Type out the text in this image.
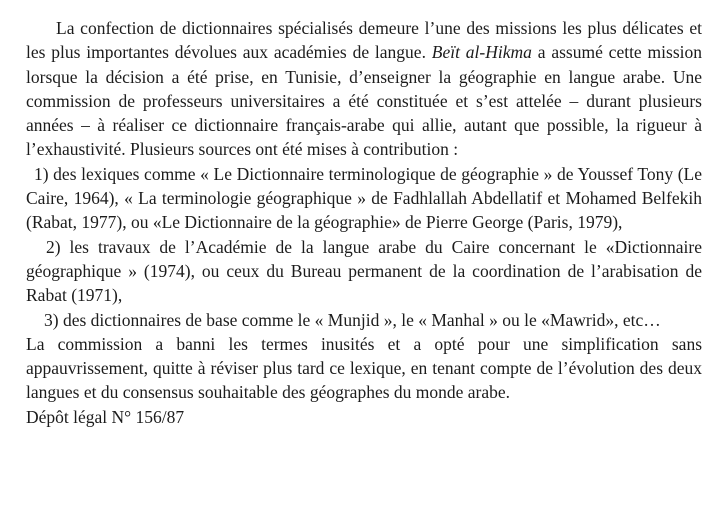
La confection de dictionnaires spécialisés demeure l’une des missions les plus délicates et les plus importantes dévolues aux académies de langue. Beït al-Hikma a assumé cette mission lorsque la décision a été prise, en Tunisie, d’enseigner la géographie en langue arabe. Une commission de professeurs universitaires a été constituée et s’est attelée – durant plusieurs années – à réaliser ce dictionnaire français-arabe qui allie, autant que possible, la rigueur à l’exhaustivité. Plusieurs sources ont été mises à contribution :

1) des lexiques comme « Le Dictionnaire terminologique de géographie » de Youssef Tony (Le Caire, 1964), « La terminologie géographique » de Fadhlallah Abdellatif et Mohamed Belfekih (Rabat, 1977), ou «Le Dictionnaire de la géographie» de Pierre George (Paris, 1979),

2) les travaux de l’Académie de la langue arabe du Caire concernant le «Dictionnaire géographique » (1974), ou ceux du Bureau permanent de la coordination de l’arabisation de Rabat (1971),

3) des dictionnaires de base comme le « Munjid », le « Manhal » ou le «Mawrid», etc…

La commission a banni les termes inusités et a opté pour une simplification sans appauvrissement, quitte à réviser plus tard ce lexique, en tenant compte de l’évolution des deux langues et du consensus souhaitable des géographes du monde arabe.

Dépôt légal N° 156/87
